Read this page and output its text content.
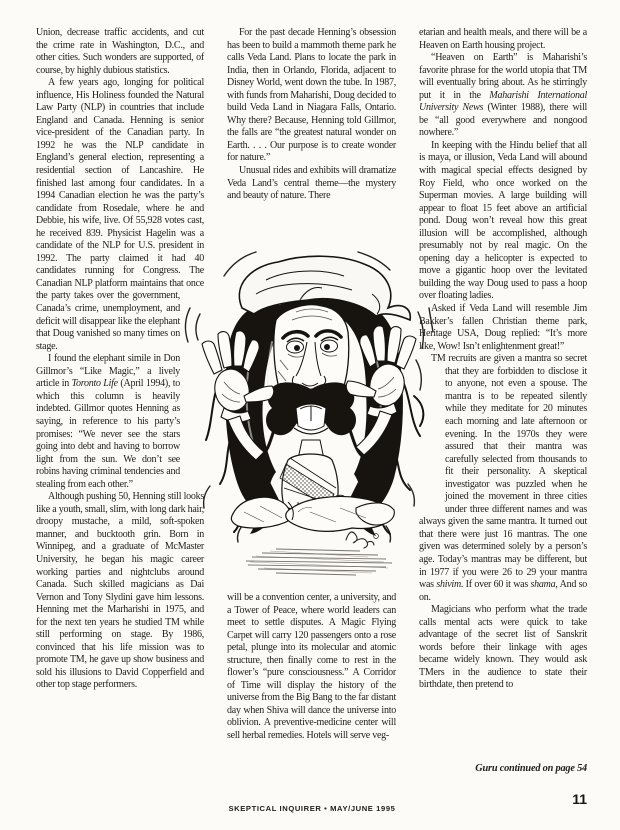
Union, decrease traffic accidents, and cut the crime rate in Washington, D.C., and other cities. Such wonders are supported, of course, by highly dubious statistics.

A few years ago, longing for political influence, His Holiness founded the Natural Law Party (NLP) in countries that include England and Canada. Henning is senior vice-president of the Canadian party. In 1992 he was the NLP candidate in England’s general election, representing a residential section of Lancashire. He finished last among four candidates. In a 1994 Canadian election he was the party’s candidate from Rosedale, where he and Debbie, his wife, live. Of 55,928 votes cast, he received 839. Physicist Hagelin was a candidate of the NLP for U.S. president in 1992. The party claimed it had 40 candidates running for Congress. The Canadian NLP platform maintains that once the party takes over the government, Canada’s crime, unemployment, and deficit will disappear like the elephant that Doug vanished so many times on stage.

I found the elephant simile in Don Gillmor’s “Like Magic,” a lively article in Toronto Life (April 1994), to which this column is heavily indebted. Gillmor quotes Henning as saying, in reference to his party’s promises: “We never see the stars going into debt and having to borrow light from the sun. We don’t see robins having criminal tendencies and stealing from each other.”

Although pushing 50, Henning still looks like a youth, small, slim, with long dark hair, droopy mustache, a mild, soft-spoken manner, and bucktooth grin. Born in Winnipeg, and a graduate of McMaster University, he began his magic career working parties and nightclubs around Canada. Such skilled magicians as Dai Vernon and Tony Slydini gave him lessons. Henning met the Marharishi in 1975, and for the next ten years he studied TM while still performing on stage. By 1986, convinced that his life mission was to promote TM, he gave up show business and sold his illusions to David Copperfield and other top stage performers.

For the past decade Henning’s obsession has been to build a mammoth theme park he calls Veda Land. Plans to locate the park in India, then in Orlando, Florida, adjacent to Disney World, went down the tube. In 1987, with funds from Maharishi, Doug decided to build Veda Land in Niagara Falls, Ontario. Why there? Because, Henning told Gillmor, the falls are “the greatest natural wonder on Earth. . . . Our purpose is to create wonder for nature.”

Unusual rides and exhibits will dramatize Veda Land’s central theme—the mystery and beauty of nature. There

will be a convention center, a university, and a Tower of Peace, where world leaders can meet to settle disputes. A Magic Flying Carpet will carry 120 passengers onto a rose petal, plunge into its molecular and atomic structure, then finally come to rest in the flower’s “pure consciousness.” A Corridor of Time will display the history of the universe from the Big Bang to the far distant day when Shiva will dance the universe into oblivion. A preventive-medicine center will sell herbal remedies. Hotels will serve veg-

etarian and health meals, and there will be a Heaven on Earth housing project.

“Heaven on Earth” is Maharishi’s favorite phrase for the world utopia that TM will eventually bring about. As he stirringly put it in the Maharishi International University News (Winter 1988), there will be “all good everywhere and nongood nowhere.”

In keeping with the Hindu belief that all is maya, or illusion, Veda Land will abound with magical special effects designed by Roy Field, who once worked on the Superman movies. A large building will appear to float 15 feet above an artificial pond. Doug won’t reveal how this great illusion will be accomplished, although presumably not by real magic. On the opening day a helicopter is expected to move a gigantic hoop over the levitated building the way Doug used to pass a hoop over floating ladies.

Asked if Veda Land will resemble Jim Bakker’s fallen Christian theme park, Heritage USA, Doug replied: “It’s more like, Wow! Isn’t enlightenment great!”

TM recruits are given a mantra so secret that they are forbidden to disclose it to anyone, not even a spouse. The mantra is to be repeated silently while they meditate for 20 minutes each morning and late afternoon or evening. In the 1970s they were assured that their mantra was carefully selected from thousands to fit their personality. A skeptical investigator was puzzled when he joined the movement in three cities under three different names and was always given the same mantra. It turned out that there were just 16 mantras. The one given was determined solely by a person’s age. Today’s mantras may be different, but in 1977 if you were 26 to 29 your mantra was shivim. If over 60 it was shama, And so on.

Magicians who perform what the trade calls mental acts were quick to take advantage of the secret list of Sanskrit words before their linkage with ages became widely known. They would ask TMers in the audience to state their birthdate, then pretend to

Guru continued on page 54
SKEPTICAL INQUIRER • MAY/JUNE 1995
11
